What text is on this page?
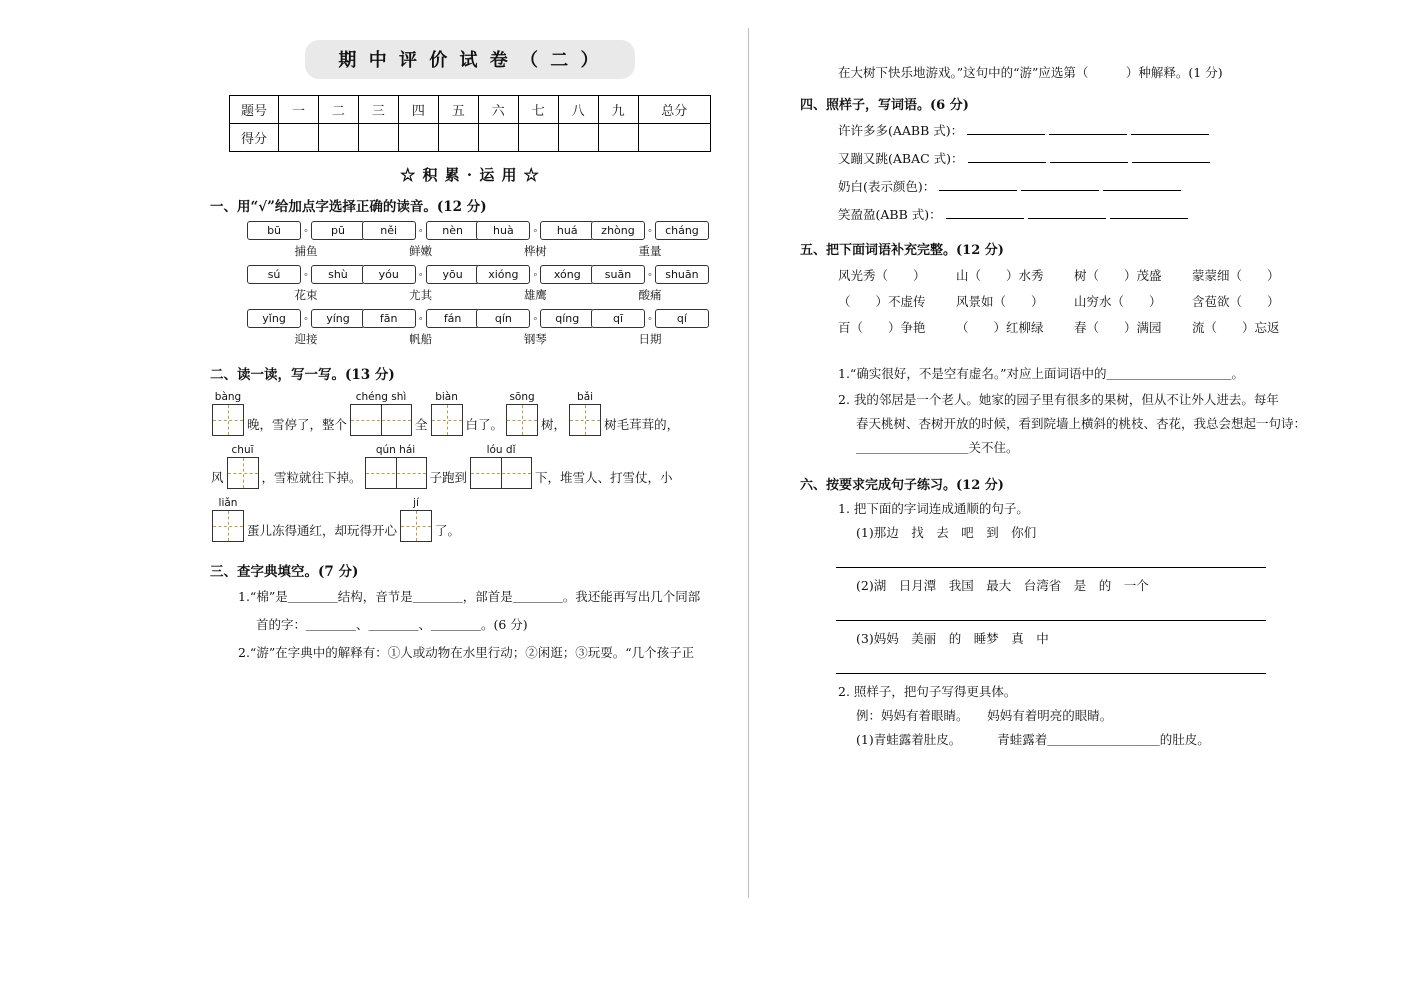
期 中 评 价 试 卷 （ 二 ）
题号	一	二	三	四	五	六	七	八	九	总分
得分										
☆ 积 累 · 运 用 ☆
一、用“√”给加点字选择正确的读音。(12 分)
bū	◦	pū
捕鱼
něi	◦	nèn
鲜嫩
huà	◦	huá
桦树
zhòng	◦	cháng
重量
sú	◦	shù
花束
yóu	◦	yōu
尤其
xióng	◦	xóng
雄鹰
suān	◦	shuān
酸痛
yǐng	◦	yíng
迎接
fān	◦	fán
帆船
qín	◦	qíng
钢琴
qī	◦	qí
日期
二、读一读，写一写。(13 分)
bàng

晚，雪停了，整个
chéng shì

全
biàn

白了。
sōng

树，
bǎi

树毛茸茸的，
风
chuī

，雪粒就往下掉。
qún hái

子跑到
lóu dǐ

下，堆雪人、打雪仗，小
liǎn

蛋儿冻得通红，却玩得开心
jí

了。
三、查字典填空。(7 分)
1.“棉”是＿＿＿＿结构，音节是＿＿＿＿，部首是＿＿＿＿。我还能再写出几个同部
首的字：＿＿＿＿、＿＿＿＿、＿＿＿＿。(6 分)
2.“游”在字典中的解释有：①人或动物在水里行动；②闲逛；③玩耍。“几个孩子正
在大树下快乐地游戏。”这句中的“游”应选第（　　　）种解释。(1 分)
四、照样子，写词语。(6 分)
许许多多(AABB 式)：
又蹦又跳(ABAC 式)：
奶白(表示颜色)：
笑盈盈(ABB 式)：
五、把下面词语补充完整。(12 分)
风光秀（　　）	山（　　）水秀	树（　　）茂盛	蒙蒙细（　　）
（　　）不虚传	风景如（　　）	山穷水（　　）	含苞欲（　　）
百（　　）争艳	（　　）红柳绿	春（　　）满园	流（　　）忘返
1.“确实很好，不是空有虚名。”对应上面词语中的＿＿＿＿＿＿＿＿＿＿。
2. 我的邻居是一个老人。她家的园子里有很多的果树，但从不让外人进去。每年
春天桃树、杏树开放的时候，看到院墙上横斜的桃枝、杏花，我总会想起一句诗：
＿＿＿＿＿＿＿＿＿关不住。
六、按要求完成句子练习。(12 分)
1. 把下面的字词连成通顺的句子。
(1)那边　找　去　吧　到　你们
(2)湖　日月潭　我国　最大　台湾省　是　的　一个
(3)妈妈　美丽　的　睡梦　真　中
2. 照样子，把句子写得更具体。
例：妈妈有着眼睛。　　妈妈有着明亮的眼睛。
(1)青蛙露着肚皮。	青蛙露着＿＿＿＿＿＿＿＿＿的肚皮。
